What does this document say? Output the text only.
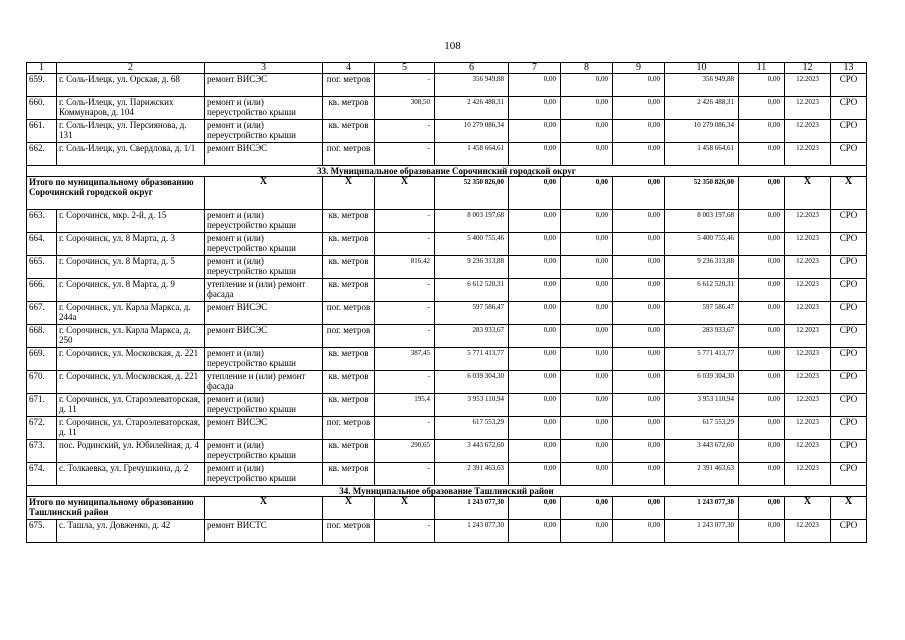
108
1	2	3	4	5	6	7	8	9	10	11	12	13
659.	г. Соль-Илецк, ул. Орская, д. 68	ремонт ВИСЭС	пог. метров	-	356 949,88	0,00	0,00	0,00	356 949,88	0,00	12.2023	СРО
660.	г. Соль-Илецк, ул. Парижских Коммунаров, д. 104	ремонт и (или) переустройство крыши	кв. метров	308,50	2 426 488,31	0,00	0,00	0,00	2 426 488,31	0,00	12.2023	СРО
661.	г. Соль-Илецк, ул. Персиянова, д. 131	ремонт и (или) переустройство крыши	кв. метров	-	10 279 086,34	0,00	0,00	0,00	10 279 086,34	0,00	12.2023	СРО
662.	г. Соль-Илецк, ул. Свердлова, д. 1/1	ремонт ВИСЭС	пог. метров	-	1 458 664,61	0,00	0,00	0,00	1 458 664,61	0,00	12.2023	СРО
33. Муниципальное образование Сорочинский городской округ												
Итого по муниципальному образованию Сорочинский городской округ		X	X	X	52 350 826,00	0,00	0,00	0,00	52 350 826,00	0,00	X	X
663.	г. Сорочинск, мкр. 2-й, д. 15	ремонт и (или) переустройство крыши	кв. метров	-	8 003 197,68	0,00	0,00	0,00	8 003 197,68	0,00	12.2023	СРО
664.	г. Сорочинск, ул. 8 Марта, д. 3	ремонт и (или) переустройство крыши	кв. метров	-	5 400 755,46	0,00	0,00	0,00	5 400 755,46	0,00	12.2023	СРО
665.	г. Сорочинск, ул. 8 Марта, д. 5	ремонт и (или) переустройство крыши	кв. метров	816,42	9 236 313,88	0,00	0,00	0,00	9 236 313,88	0,00	12.2023	СРО
666.	г. Сорочинск, ул. 8 Марта, д. 9	утепление и (или) ремонт фасада	кв. метров	-	6 612 520,31	0,00	0,00	0,00	6 612 520,31	0,00	12.2023	СРО
667.	г. Сорочинск, ул. Карла Маркса, д. 244а	ремонт ВИСЭС	пог. метров	-	597 586,47	0,00	0,00	0,00	597 586,47	0,00	12.2023	СРО
668.	г. Сорочинск, ул. Карла Маркса, д. 250	ремонт ВИСЭС	пог. метров	-	283 933,67	0,00	0,00	0,00	283 933,67	0,00	12.2023	СРО
669.	г. Сорочинск, ул. Московская, д. 221	ремонт и (или) переустройство крыши	кв. метров	387,45	5 771 413,77	0,00	0,00	0,00	5 771 413,77	0,00	12.2023	СРО
670.	г. Сорочинск, ул. Московская, д. 221	утепление и (или) ремонт фасада	кв. метров	-	6 039 304,30	0,00	0,00	0,00	6 039 304,30	0,00	12.2023	СРО
671.	г. Сорочинск, ул. Староэлеваторская, д. 11	ремонт и (или) переустройство крыши	кв. метров	195,4	3 953 110,94	0,00	0,00	0,00	3 953 110,94	0,00	12.2023	СРО
672.	г. Сорочинск, ул. Староэлеваторская, д. 11	ремонт ВИСЭС	пог. метров	-	617 553,29	0,00	0,00	0,00	617 553,29	0,00	12.2023	СРО
673.	пос. Родинский, ул. Юбилейная, д. 4	ремонт и (или) переустройство крыши	кв. метров	290,65	3 443 672,60	0,00	0,00	0,00	3 443 672,60	0,00	12.2023	СРО
674.	с. Толкаевка, ул. Гречушкина, д. 2	ремонт и (или) переустройство крыши	кв. метров	-	2 391 463,63	0,00	0,00	0,00	2 391 463,63	0,00	12.2023	СРО
34. Муниципальное образование Ташлинский район												
Итого по муниципальному образованию Ташлинский район		X	X	X	1 243 077,30	0,00	0,00	0,00	1 243 077,30	0,00	X	X
675.	с. Ташла, ул. Довженко, д. 42	ремонт ВИСТС	пог. метров	-	1 243 077,30	0,00	0,00	0,00	1 243 077,30	0,00	12.2023	СРО
